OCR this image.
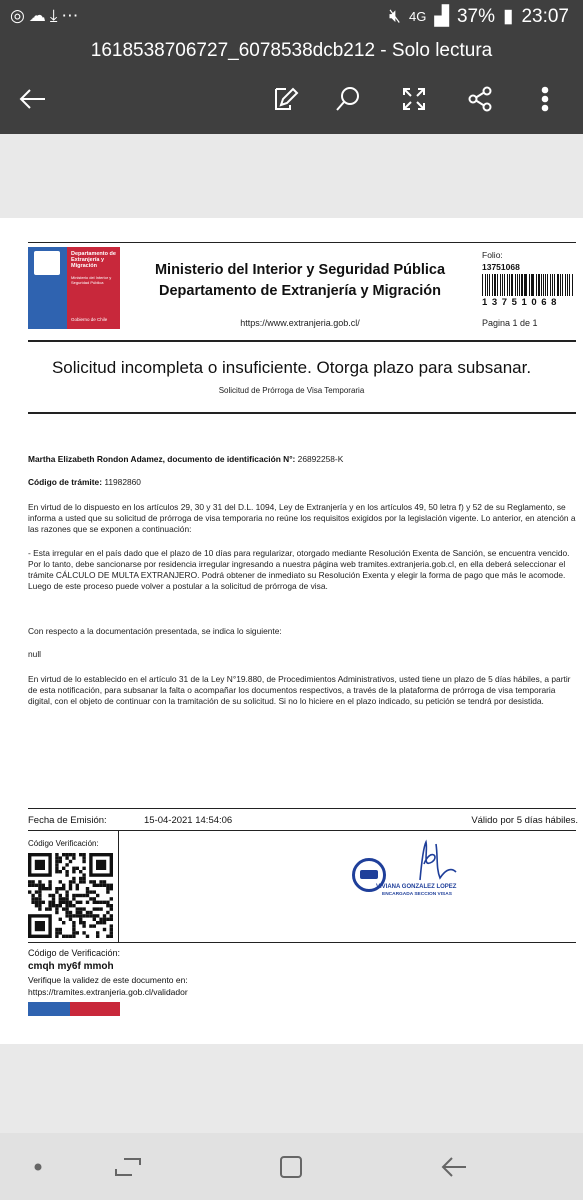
◎☁⤓⋯	🔇︎ 4G ▟ 37% ▮ 23:07
1618538706727_6078538dcb212 - Solo lectura
Departamento de Extranjería y Migración
Ministerio del Interior y Seguridad Pública
Gobierno de Chile
Ministerio del Interior y Seguridad Pública
Departamento de Extranjería y Migración
https://www.extranjeria.gob.cl/
Folio:
13751068
13751068
Pagina 1 de 1
Solicitud incompleta o insuficiente. Otorga plazo para subsanar.
Solicitud de Prórroga de Visa Temporaria
Martha Elizabeth Rondon Adamez, documento de identificación N°: 26892258-K
Código de trámite: 11982860
En virtud de lo dispuesto en los artículos 29, 30 y 31 del D.L. 1094, Ley de Extranjería y en los artículos 49, 50 letra f) y 52 de su Reglamento, se informa a usted que su solicitud de prórroga de visa temporaria no reúne los requisitos exigidos por la legislación vigente. Lo anterior, en atención a las razones que se exponen a continuación:
- Esta irregular en el país dado que el plazo de 10 días para regularizar, otorgado mediante Resolución Exenta de Sanción, se encuentra vencido. Por lo tanto, debe sancionarse por residencia irregular ingresando a nuestra página web tramites.extranjeria.gob.cl, en ella deberá seleccionar el trámite CÁLCULO DE MULTA EXTRANJERO. Podrá obtener de inmediato su Resolución Exenta y elegir la forma de pago que más le acomode. Luego de este proceso puede volver a postular a la solicitud de prórroga de visa.
Con respecto a la documentación presentada, se indica lo siguiente:
null
En virtud de lo establecido en el artículo 31 de la Ley N°19.880, de Procedimientos Administrativos, usted tiene un plazo de 5 días hábiles, a partir de esta notificación, para subsanar la falta o acompañar los documentos respectivos, a través de la plataforma de prórroga de visa temporaria digital, con el objeto de continuar con la tramitación de su solicitud. Si no lo hiciere en el plazo indicado, su petición se tendrá por desistida.
Fecha de Emisión:	15-04-2021 14:54:06	Válido por 5 días hábiles.
Código Verificación:
VIVIANA GONZALEZ LOPEZ
ENCARGADA SECCION VISAS
Código de Verificación:
cmqh my6f mmoh
Verifique la validez de este documento en:
https://tramites.extranjeria.gob.cl/validador
